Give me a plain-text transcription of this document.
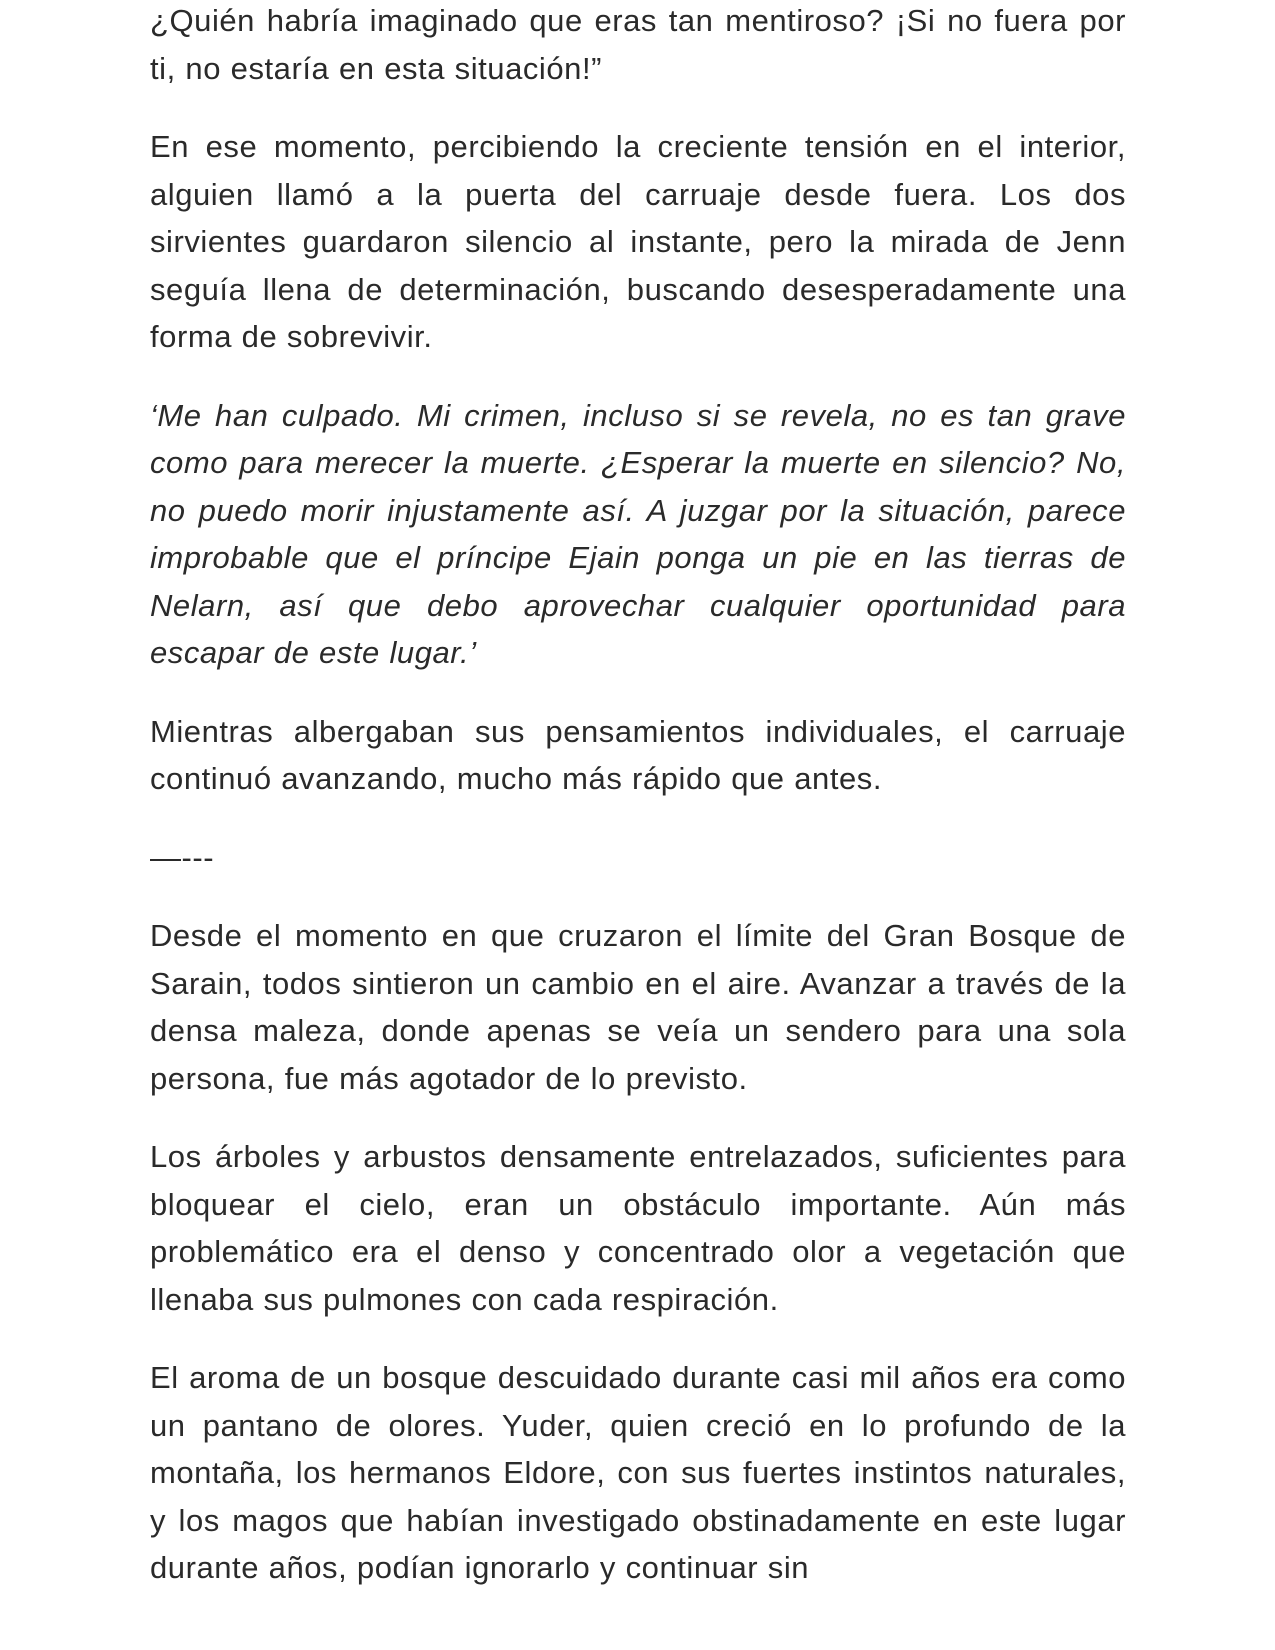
¿Quién habría imaginado que eras tan mentiroso? ¡Si no fuera por ti, no estaría en esta situación!”

En ese momento, percibiendo la creciente tensión en el interior, alguien llamó a la puerta del carruaje desde fuera. Los dos sirvientes guardaron silencio al instante, pero la mirada de Jenn seguía llena de determinación, buscando desesperadamente una forma de sobrevivir.

‘Me han culpado. Mi crimen, incluso si se revela, no es tan grave como para merecer la muerte. ¿Esperar la muerte en silencio? No, no puedo morir injustamente así. A juzgar por la situación, parece improbable que el príncipe Ejain ponga un pie en las tierras de Nelarn, así que debo aprovechar cualquier oportunidad para escapar de este lugar.’

Mientras albergaban sus pensamientos individuales, el carruaje continuó avanzando, mucho más rápido que antes.

—---

Desde el momento en que cruzaron el límite del Gran Bosque de Sarain, todos sintieron un cambio en el aire. Avanzar a través de la densa maleza, donde apenas se veía un sendero para una sola persona, fue más agotador de lo previsto.

Los árboles y arbustos densamente entrelazados, suficientes para bloquear el cielo, eran un obstáculo importante. Aún más problemático era el denso y concentrado olor a vegetación que llenaba sus pulmones con cada respiración.

El aroma de un bosque descuidado durante casi mil años era como un pantano de olores. Yuder, quien creció en lo profundo de la montaña, los hermanos Eldore, con sus fuertes instintos naturales, y los magos que habían investigado obstinadamente en este lugar durante años, podían ignorarlo y continuar sin
